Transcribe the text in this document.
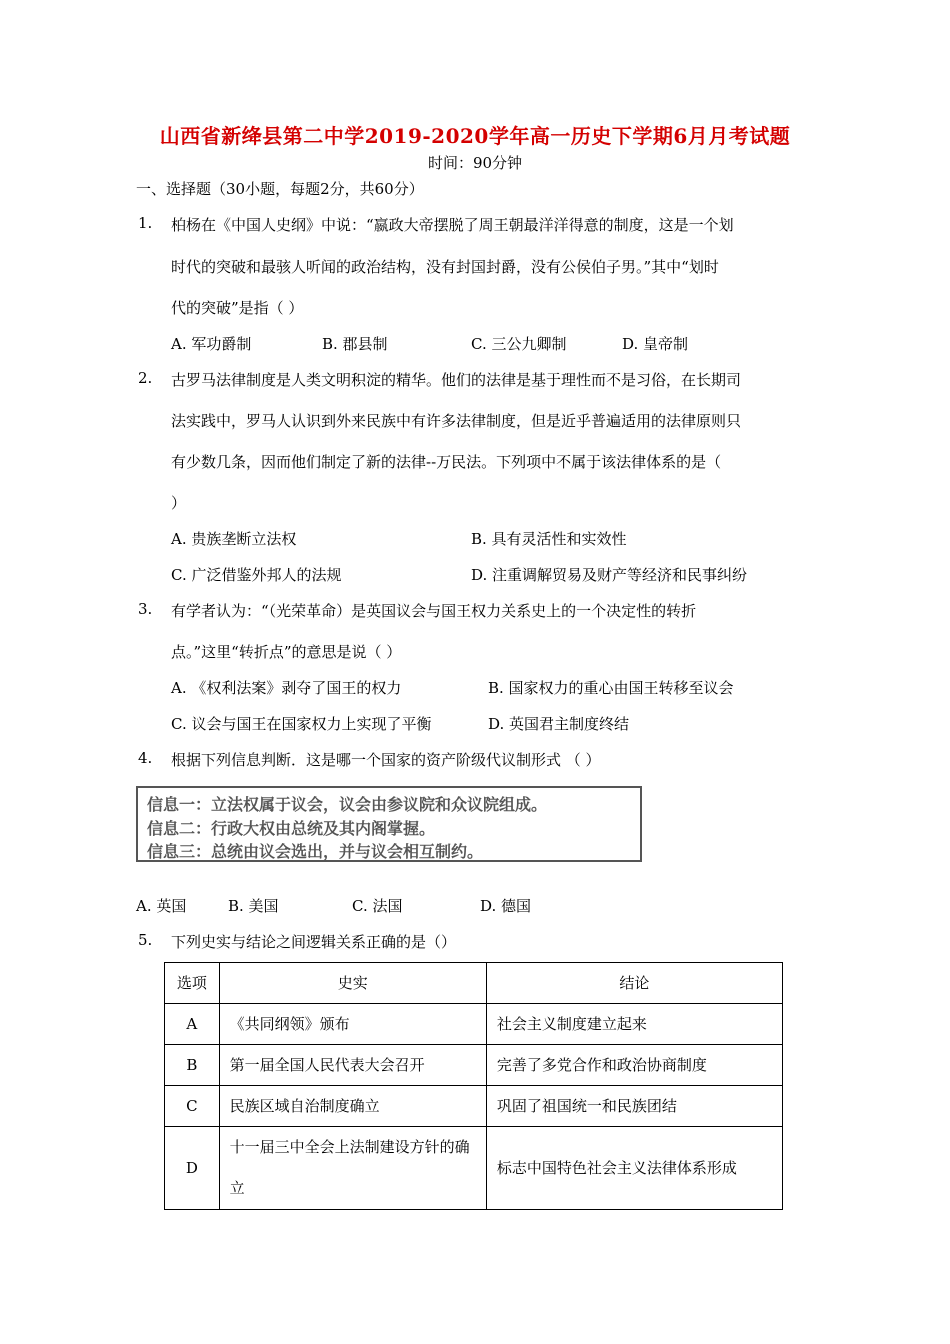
山西省新绛县第二中学2019-2020学年高一历史下学期6月月考试题
时间：90分钟
一、选择题（30小题，每题2分，共60分）
1. 柏杨在《中国人史纲》中说：“嬴政大帝摆脱了周王朝最洋洋得意的制度，这是一个划
时代的突破和最骇人听闻的政治结构，没有封国封爵，没有公侯伯子男。”其中“划时
代的突破”是指（ ）
A. 军功爵制	B. 郡县制	C. 三公九卿制	D. 皇帝制
2. 古罗马法律制度是人类文明积淀的精华。他们的法律是基于理性而不是习俗，在长期司
法实践中，罗马人认识到外来民族中有许多法律制度，但是近乎普遍适用的法律原则只
有少数几条，因而他们制定了新的法律--万民法。下列项中不属于该法律体系的是（
）
A. 贵族垄断立法权	B. 具有灵活性和实效性
C. 广泛借鉴外邦人的法规	D. 注重调解贸易及财产等经济和民事纠纷
3. 有学者认为：“（光荣革命）是英国议会与国王权力关系史上的一个决定性的转折
点。”这里“转折点”的意思是说（ ）
A. 《权利法案》剥夺了国王的权力	B. 国家权力的重心由国王转移至议会
C. 议会与国王在国家权力上实现了平衡	D. 英国君主制度终结
4. 根据下列信息判断．这是哪一个国家的资产阶级代议制形式 （ ）
信息一：立法权属于议会，议会由参议院和众议院组成。
信息二：行政大权由总统及其内阁掌握。
信息三：总统由议会选出，并与议会相互制约。
A. 英国	B. 美国	C. 法国	D. 德国
5. 下列史实与结论之间逻辑关系正确的是（）
选项	史实	结论
A	《共同纲领》颁布	社会主义制度建立起来
B	第一届全国人民代表大会召开	完善了多党合作和政治协商制度
C	民族区域自治制度确立	巩固了祖国统一和民族团结
D	十一届三中全会上法制建设方针的确立	标志中国特色社会主义法律体系形成
